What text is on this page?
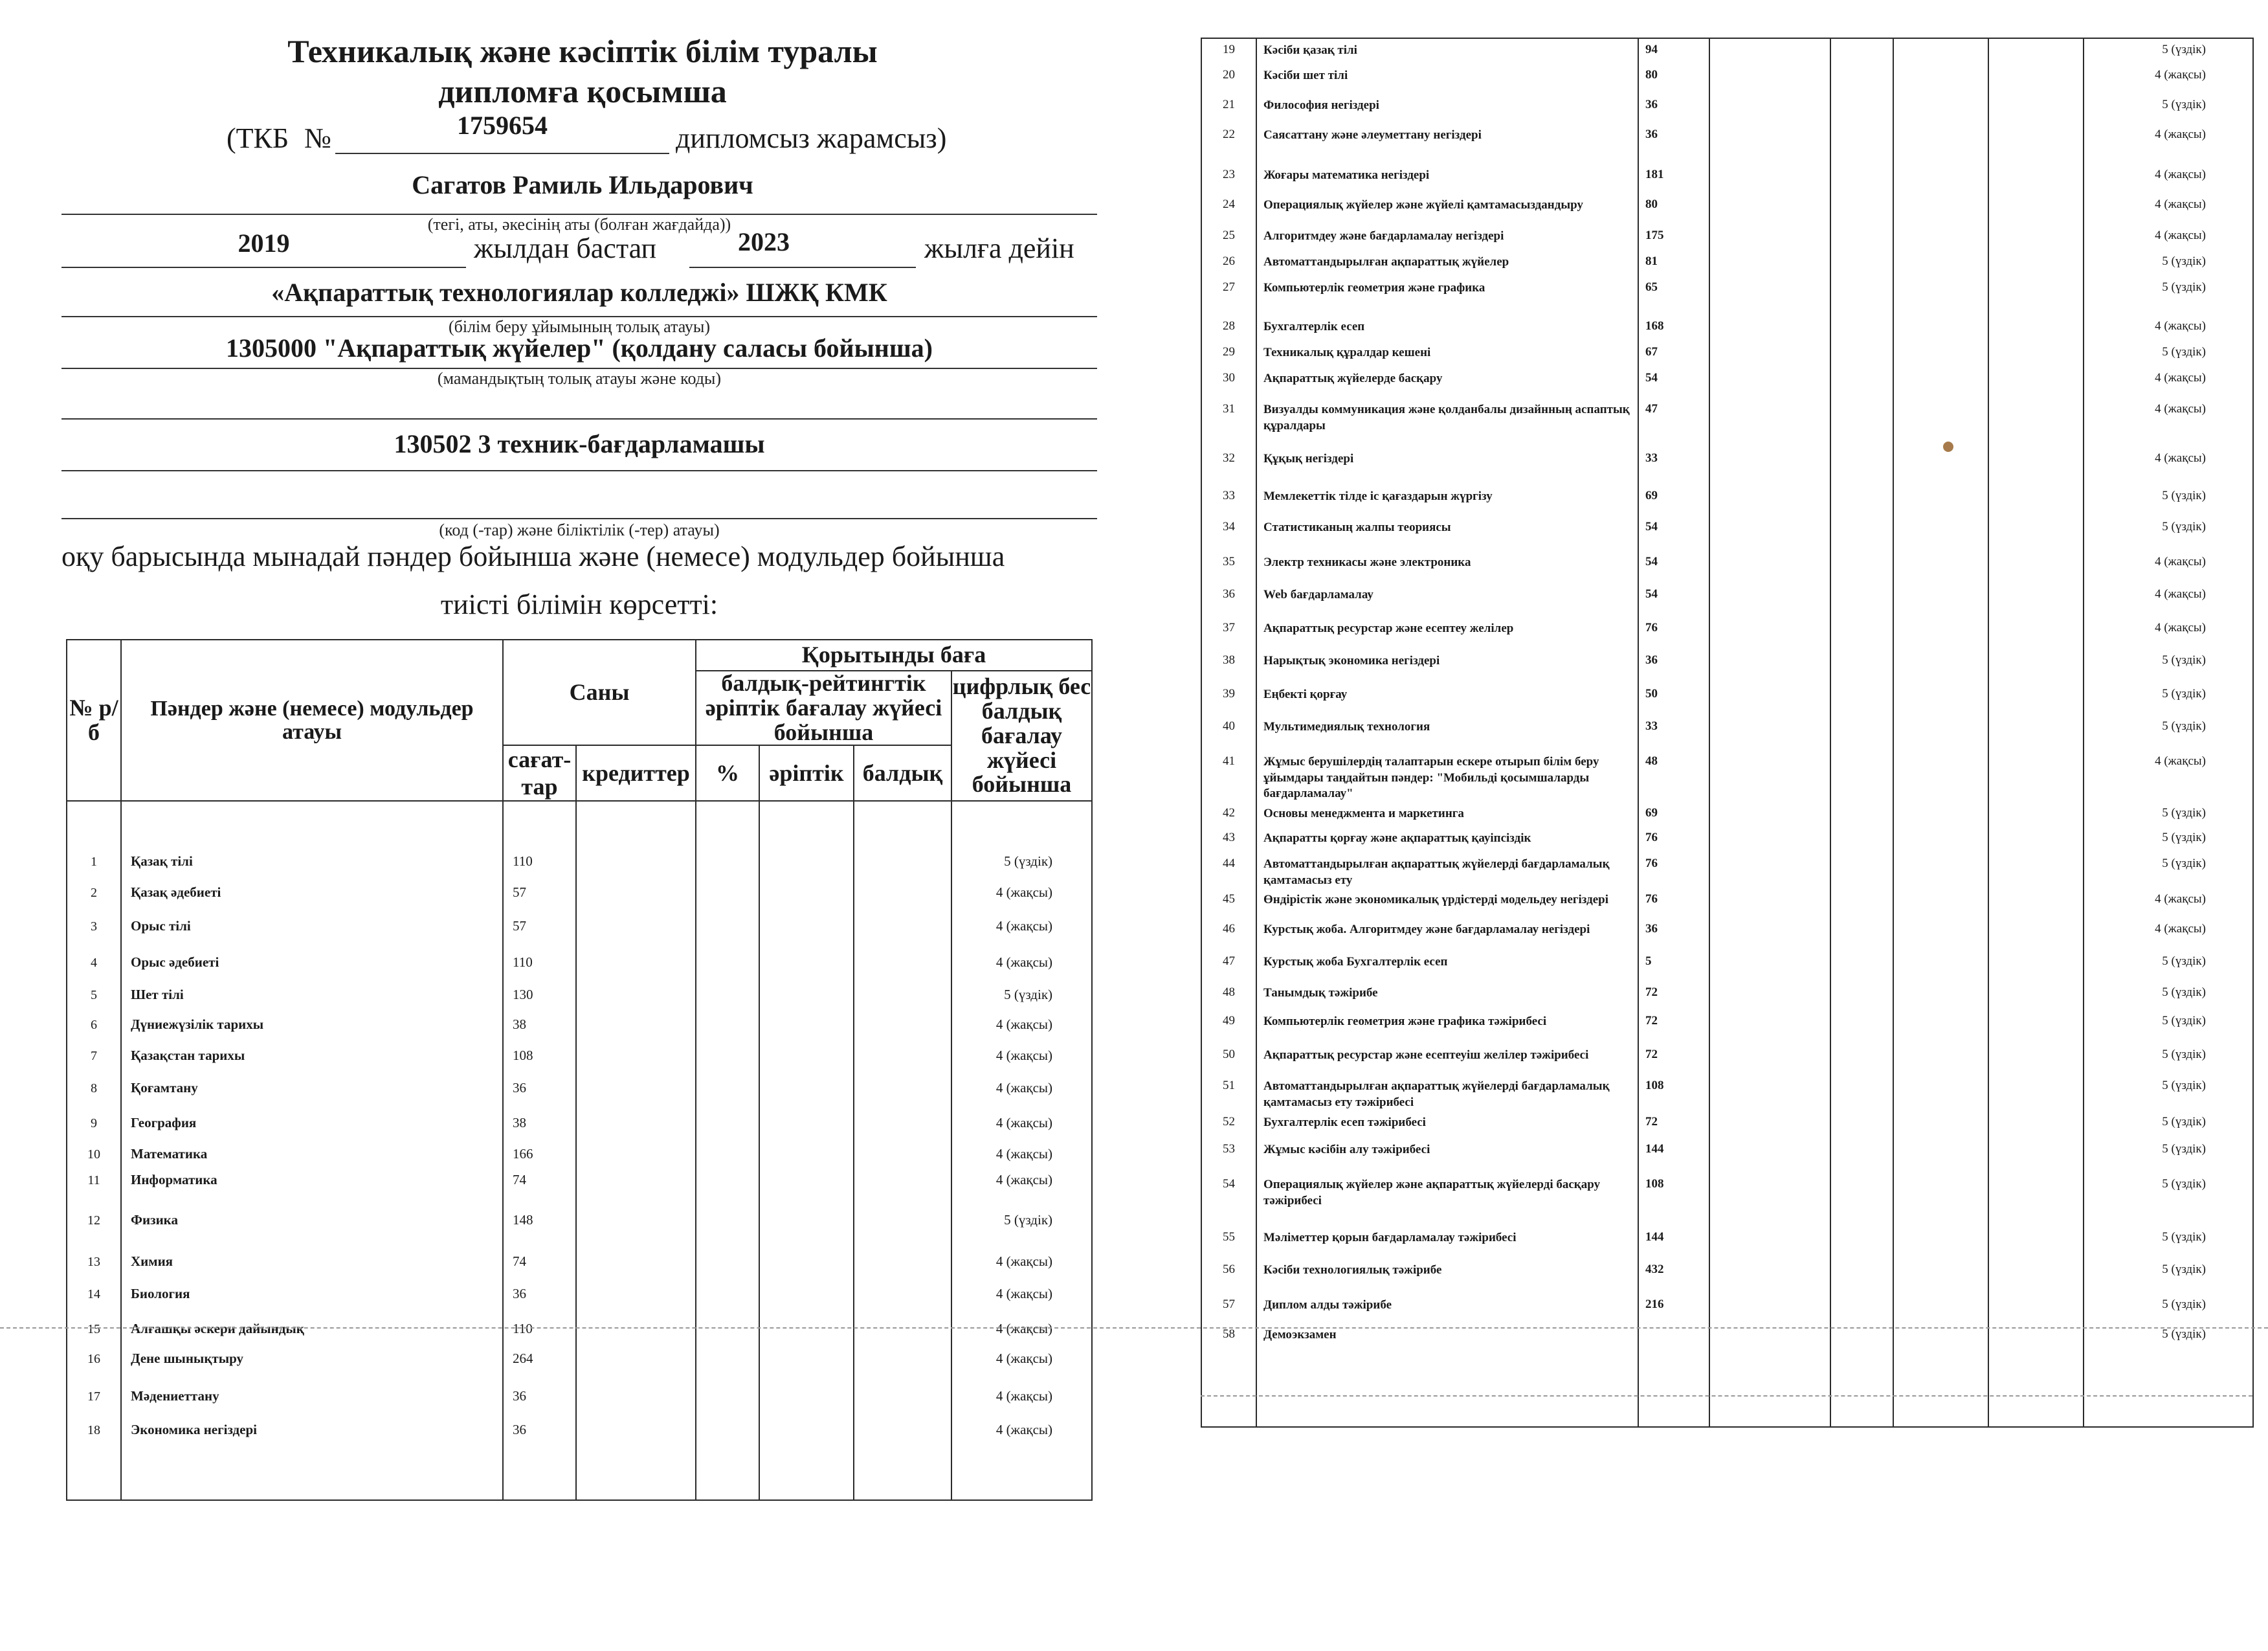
Техникалық және кәсіптік білім туралы
дипломға қосымша
(ТКБ №	1759654	дипломсыз жарамсыз)
Сагатов Рамиль Ильдарович
(тегі, аты, әкесінің аты (болған жағдайда))
2019	жылдан бастап	2023	жылға дейін
«Ақпараттық технологиялар колледжі» ШЖҚ КМК
(білім беру ұйымының толық атауы)
1305000 "Ақпараттық жүйелер" (қолдану саласы бойынша)
(мамандықтың толық атауы және коды)
130502 3 техник-бағдарламашы
(код (-тар) және біліктілік (-тер) атауы)
оқу барысында мынадай пәндер бойынша және (немесе) модульдер бойынша
тиісті білімін көрсетті:
№ р/б	Пәндер және (немесе) модульдер атауы	Саны		Қорытынды баға			
				балдық-рейтингтік әріптік бағалау жүйесі бойынша			цифрлық бес балдық бағалау жүйесі бойынша
		сағат-тар	кредиттер	%	әріптік	балдық	
1	Қазақ тілі	110					5 (үздік)
2	Қазақ әдебиеті	57					4 (жақсы)
3	Орыс тілі	57					4 (жақсы)
4	Орыс әдебиеті	110					4 (жақсы)
5	Шет тілі	130					5 (үздік)
6	Дүниежүзілік тарихы	38					4 (жақсы)
7	Қазақстан тарихы	108					4 (жақсы)
8	Қоғамтану	36					4 (жақсы)
9	География	38					4 (жақсы)
10	Математика	166					4 (жақсы)
11	Информатика	74					4 (жақсы)
12	Физика	148					5 (үздік)
13	Химия	74					4 (жақсы)
14	Биология	36					4 (жақсы)
15	Алғашқы әскери дайындық	110					4 (жақсы)
16	Дене шынықтыру	264					4 (жақсы)
17	Мәдениеттану	36					4 (жақсы)
18	Экономика негіздері	36					4 (жақсы)

19	Кәсіби қазақ тілі	94					5 (үздік)
20	Кәсіби шет тілі	80					4 (жақсы)
21	Философия негіздері	36					5 (үздік)
22	Саясаттану және әлеуметтану негіздері	36					4 (жақсы)
23	Жоғары математика негіздері	181					4 (жақсы)
24	Операциялық жүйелер және жүйелі қамтамасыздандыру	80					4 (жақсы)
25	Алгоритмдеу және бағдарламалау негіздері	175					4 (жақсы)
26	Автоматтандырылған ақпараттық жүйелер	81					5 (үздік)
27	Компьютерлік геометрия және графика	65					5 (үздік)
28	Бухгалтерлік есеп	168					4 (жақсы)
29	Техникалық құралдар кешені	67					5 (үздік)
30	Ақпараттық жүйелерде басқару	54					4 (жақсы)
31	Визуалды коммуникация және қолданбалы дизайнның аспаптық құралдары	47					4 (жақсы)
32	Құқық негіздері	33					4 (жақсы)
33	Мемлекеттік тілде іс қағаздарын жүргізу	69					5 (үздік)
34	Статистиканың жалпы теориясы	54					5 (үздік)
35	Электр техникасы және электроника	54					4 (жақсы)
36	Web бағдарламалау	54					4 (жақсы)
37	Ақпараттық ресурстар және есептеу желілер	76					4 (жақсы)
38	Нарықтық экономика негіздері	36					5 (үздік)
39	Еңбекті қорғау	50					5 (үздік)
40	Мультимедиялық технология	33					5 (үздік)
41	Жұмыс берушілердің талаптарын ескере отырып білім беру ұйымдары таңдайтын пәндер: "Мобильді қосымшаларды бағдарламалау"	48					4 (жақсы)
42	Основы менеджмента и маркетинга	69					5 (үздік)
43	Ақпаратты қорғау және ақпараттық қауіпсіздік	76					5 (үздік)
44	Автоматтандырылған ақпараттық жүйелерді бағдарламалық қамтамасыз ету	76					5 (үздік)
45	Өндірістік және экономикалық үрдістерді модельдеу негіздері	76					4 (жақсы)
46	Курстық жоба. Алгоритмдеу және бағдарламалау негіздері	36					4 (жақсы)
47	Курстық жоба Бухгалтерлік есеп	5					5 (үздік)
48	Танымдық тәжірибе	72					5 (үздік)
49	Компьютерлік геометрия және графика тәжірибесі	72					5 (үздік)
50	Ақпараттық ресурстар және есептеуіш желілер тәжірибесі	72					5 (үздік)
51	Автоматтандырылған ақпараттық жүйелерді бағдарламалық қамтамасыз ету тәжірибесі	108					5 (үздік)
52	Бухгалтерлік есеп тәжірибесі	72					5 (үздік)
53	Жұмыс кәсібін алу тәжірибесі	144					5 (үздік)
54	Операциялық жүйелер және ақпараттық жүйелерді басқару тәжірибесі	108					5 (үздік)
55	Мәліметтер қорын бағдарламалау тәжірибесі	144					5 (үздік)
56	Кәсіби технологиялық тәжірибе	432					5 (үздік)
57	Диплом алды тәжірибе	216					5 (үздік)
58	Демоэкзамен						5 (үздік)
